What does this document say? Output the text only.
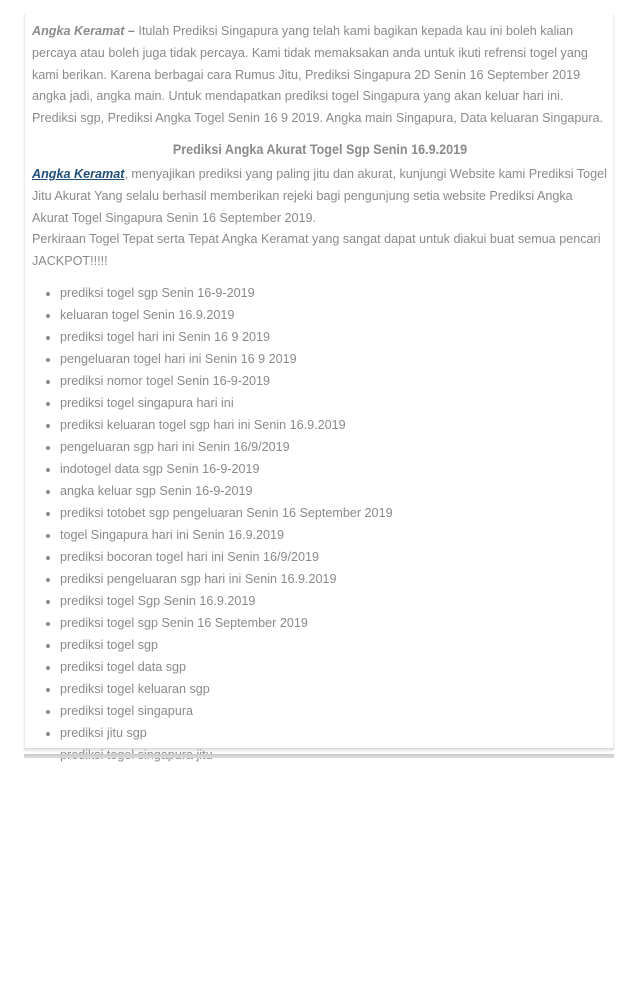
Angka Keramat – Itulah Prediksi Singapura yang telah kami bagikan kepada kau ini boleh kalian percaya atau boleh juga tidak percaya. Kami tidak memaksakan anda untuk ikuti refrensi togel yang kami berikan. Karena berbagai cara Rumus Jitu, Prediksi Singapura 2D Senin 16 September 2019 angka jadi, angka main. Untuk mendapatkan prediksi togel Singapura yang akan keluar hari ini. Prediksi sgp, Prediksi Angka Togel Senin 16 9 2019. Angka main Singapura, Data keluaran Singapura.

Prediksi Angka Akurat Togel Sgp Senin 16.9.2019

Angka Keramat, menyajikan prediksi yang paling jitu dan akurat, kunjungi Website kami Prediksi Togel Jitu Akurat Yang selalu berhasil memberikan rejeki bagi pengunjung setia website Prediksi Angka Akurat Togel Singapura Senin 16 September 2019.
Perkiraan Togel Tepat serta Tepat Angka Keramat yang sangat dapat untuk diakui buat semua pencari JACKPOT!!!!!

• prediksi togel sgp Senin 16-9-2019
• keluaran togel Senin 16.9.2019
• prediksi togel hari ini Senin 16 9 2019
• pengeluaran togel hari ini Senin 16 9 2019
• prediksi nomor togel Senin 16-9-2019
• prediksi togel singapura hari ini
• prediksi keluaran togel sgp hari ini Senin 16.9.2019
• pengeluaran sgp hari ini Senin 16/9/2019
• indotogel data sgp Senin 16-9-2019
• angka keluar sgp Senin 16-9-2019
• prediksi totobet sgp pengeluaran Senin 16 September 2019
• togel Singapura hari ini Senin 16.9.2019
• prediksi bocoran togel hari ini Senin 16/9/2019
• prediksi pengeluaran sgp hari ini Senin 16.9.2019
• prediksi togel Sgp Senin 16.9.2019
• prediksi togel sgp Senin 16 September 2019
• prediksi togel sgp
• prediksi togel data sgp
• prediksi togel keluaran sgp
• prediksi togel singapura
• prediksi jitu sgp
•
